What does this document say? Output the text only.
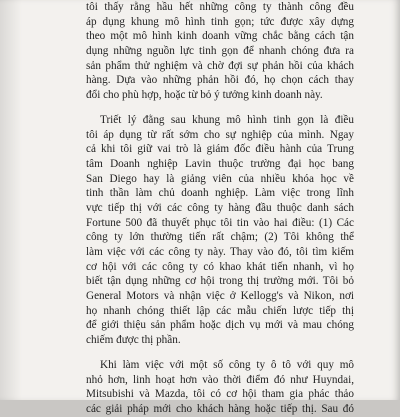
tôi thấy rằng hầu hết những công ty thành công đều
áp dụng khung mô hình tinh gọn; tức được xây dựng
theo một mô hình kinh doanh vững chắc bằng cách tận
dụng những nguồn lực tinh gọn để nhanh chóng đưa ra
sản phẩm thử nghiệm và chờ đợi sự phản hồi của khách
hàng. Dựa vào những phản hồi đó, họ chọn cách thay
đổi cho phù hợp, hoặc từ bỏ ý tưởng kinh doanh này.
Triết lý đằng sau khung mô hình tinh gọn là điều
tôi áp dụng từ rất sớm cho sự nghiệp của mình. Ngay
cả khi tôi giữ vai trò là giám đốc điều hành của Trung
tâm Doanh nghiệp Lavin thuộc trường đại học bang
San Diego hay là giảng viên của nhiều khóa học về
tinh thần làm chủ doanh nghiệp. Làm việc trong lĩnh
vực tiếp thị với các công ty hàng đầu thuộc danh sách
Fortune 500 đã thuyết phục tôi tin vào hai điều: (1) Các
công ty lớn thường tiến rất chậm; (2) Tôi không thể
làm việc với các công ty này. Thay vào đó, tôi tìm kiếm
cơ hội với các công ty có khao khát tiến nhanh, vì họ
biết tận dụng những cơ hội trong thị trường mới. Tôi bỏ
General Motors và nhận việc ở Kellogg's và Nikon, nơi
họ nhanh chóng thiết lập các mẫu chiến lược tiếp thị
để giới thiệu sản phẩm hoặc dịch vụ mới và mau chóng
chiếm được thị phần.
Khi làm việc với một số công ty ô tô với quy mô
nhỏ hơn, linh hoạt hơn vào thời điểm đó như Huyndai,
Mitsubishi và Mazda, tôi có cơ hội tham gia phác thảo
các giải pháp mới cho khách hàng hoặc tiếp thị. Sau đó
